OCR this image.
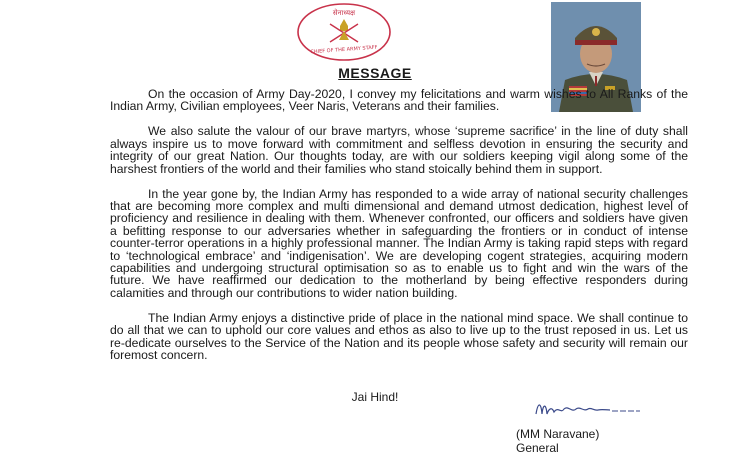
सेनाध्यक्ष
CHIEF OF THE ARMY STAFF
MESSAGE

On the occasion of Army Day-2020, I convey my felicitations and warm wishes to All Ranks of the Indian Army, Civilian employees, Veer Naris, Veterans and their families.

We also salute the valour of our brave martyrs, whose ‘supreme sacrifice’ in the line of duty shall always inspire us to move forward with commitment and selfless devotion in ensuring the security and integrity of our great Nation. Our thoughts today, are with our soldiers keeping vigil along some of the harshest frontiers of the world and their families who stand stoically behind them in support.

In the year gone by, the Indian Army has responded to a wide array of national security challenges that are becoming more complex and multi dimensional and demand utmost dedication, highest level of proficiency and resilience in dealing with them. Whenever confronted, our officers and soldiers have given a befitting response to our adversaries whether in safeguarding the frontiers or in conduct of intense counter-terror operations in a highly professional manner. The Indian Army is taking rapid steps with regard to ‘technological embrace’ and ‘indigenisation’. We are developing cogent strategies, acquiring modern capabilities and undergoing structural optimisation so as to enable us to fight and win the wars of the future. We have reaffirmed our dedication to the motherland by being effective responders during calamities and through our contributions to wider nation building.

The Indian Army enjoys a distinctive pride of place in the national mind space. We shall continue to do all that we can to uphold our core values and ethos as also to live up to the trust reposed in us. Let us re-dedicate ourselves to the Service of the Nation and its people whose safety and security will remain our foremost concern.

Jai Hind!
(MM Naravane)
General
